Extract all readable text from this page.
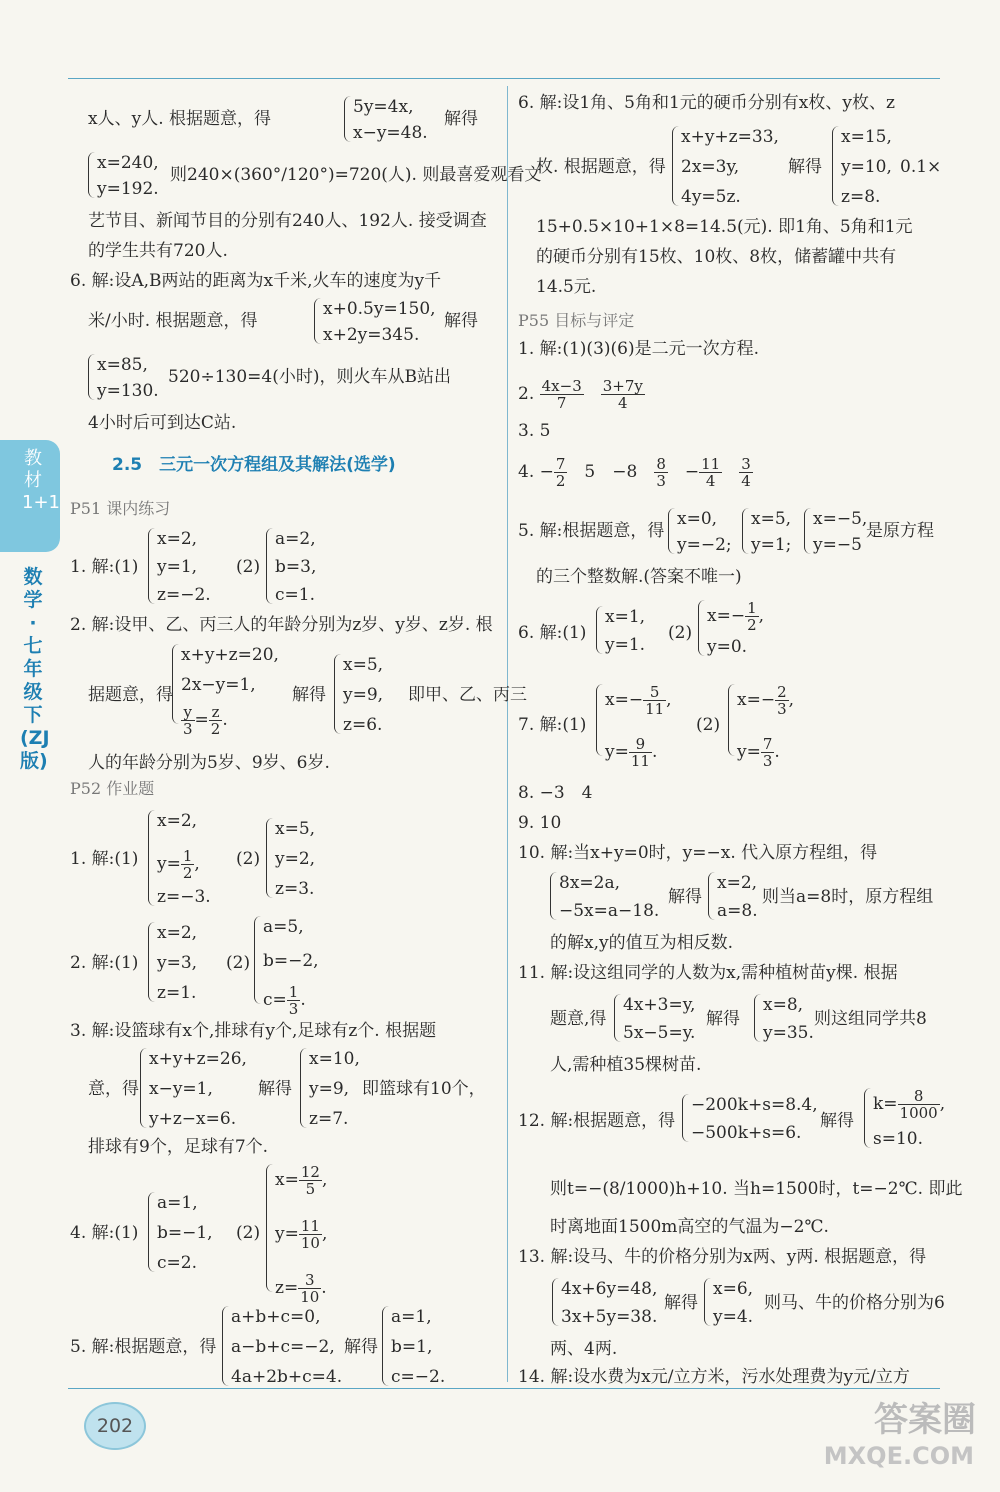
教材1+1
数学·七年级下(ZJ版)
x人、y人. 根据题意，得
5y=4x,
x−y=48.
解得
x=240,
y=192.
则240×(360°/120°)=720(人). 则最喜爱观看文
艺节目、新闻节目的分别有240人、192人. 接受调查
的学生共有720人.
6. 解:设A,B两站的距离为x千米,火车的速度为y千
米/小时. 根据题意，得
x+0.5y=150,
x+2y=345.
解得
x=85,
y=130.
520÷130=4(小时)，则火车从B站出
4小时后可到达C站.
2.5　三元一次方程组及其解法(选学)
P51 课内练习
1. 解:(1)
x=2,
y=1,
z=−2.
(2)
a=2,
b=3,
c=1.
2. 解:设甲、乙、丙三人的年龄分别为z岁、y岁、z岁. 根
据题意，得
x+y+z=20,
2x−y=1,
$\frac{y}{3} = \frac{z}{2}$ .
解得
x=5,
y=9,
z=6.
即甲、乙、丙三
人的年龄分别为5岁、9岁、6岁.
P52 作业题
1. 解:(1)
x=2,
$y= \frac{1}{2}$ ,
z=−3.
(2)
x=5,
y=2,
z=3.
2. 解:(1)
x=2,
y=3,
z=1.
(2)
a=5,
b=−2,
$c= \frac{1}{3}$ .
3. 解:设篮球有x个,排球有y个,足球有z个. 根据题
意，得
x+y+z=26,
x−y=1,
y+z−x=6.
解得
x=10,
y=9,
z=7.
即篮球有10个，
排球有9个，足球有7个.
4. 解:(1)
a=1,
b=−1,
c=2.
(2)
$x= \frac{12}{5}$ ,
$y= \frac{11}{10}$ ,
$z= \frac{3}{10}$ .
5. 解:根据题意，得
a+b+c=0,
a−b+c=−2,
4a+2b+c=4.
解得
a=1,
b=1,
c=−2.
6. 解:设1角、5角和1元的硬币分别有x枚、y枚、z
枚. 根据题意，得
x+y+z=33,
2x=3y,
4y=5z.
解得
x=15,
y=10,
z=8.
0.1×
15+0.5×10+1×8=14.5(元). 即1角、5角和1元
的硬币分别有15枚、10枚、8枚，储蓄罐中共有
14.5元.
P55 目标与评定
1. 解:(1)(3)(6)是二元一次方程.
2. $\frac{4x-3}{7}$
　 $\frac{3+7y}{4}$
3. 5
4. − $\frac{7}{2}$
　 5　 −8　 $\frac{8}{3}$
　 − $\frac{11}{4}$
　 $\frac{3}{4}$
5. 解:根据题意，得
x=0,
y=−2;
x=5,
y=1;
x=−5,
y=−5
是原方程
的三个整数解.(答案不唯一)
6. 解:(1)
x=1,
y=1.
(2)
$x=- \frac{1}{2}$ ,
y=0.
7. 解:(1)
$x=- \frac{5}{11}$ ,
$y= \frac{9}{11}$ .
(2)
$x=- \frac{2}{3}$ ,
$y= \frac{7}{3}$ .
8. −3　4
9. 10
10. 解:当x+y=0时，y=−x. 代入原方程组，得
8x=2a,
−5x=a−18.
解得
x=2,
a=8.
则当a=8时，原方程组
的解x,y的值互为相反数.
11. 解:设这组同学的人数为x,需种植树苗y棵. 根据
题意,得
4x+3=y,
5x−5=y.
解得
x=8,
y=35.
则这组同学共8
人,需种植35棵树苗.
12. 解:根据题意，得
−200k+s=8.4,
−500k+s=6.
解得
$k= \frac{8}{1000}$ ,
s=10.
则t=−(8/1000)h+10. 当h=1500时，t=−2℃. 即此
时离地面1500m高空的气温为−2℃.
13. 解:设马、牛的价格分别为x两、y两. 根据题意，得
4x+6y=48,
3x+5y=38.
解得
x=6,
y=4.
则马、牛的价格分别为6
两、4两.
14. 解:设水费为x元/立方米，污水处理费为y元/立方
202	答案圈
MXQE.COM
